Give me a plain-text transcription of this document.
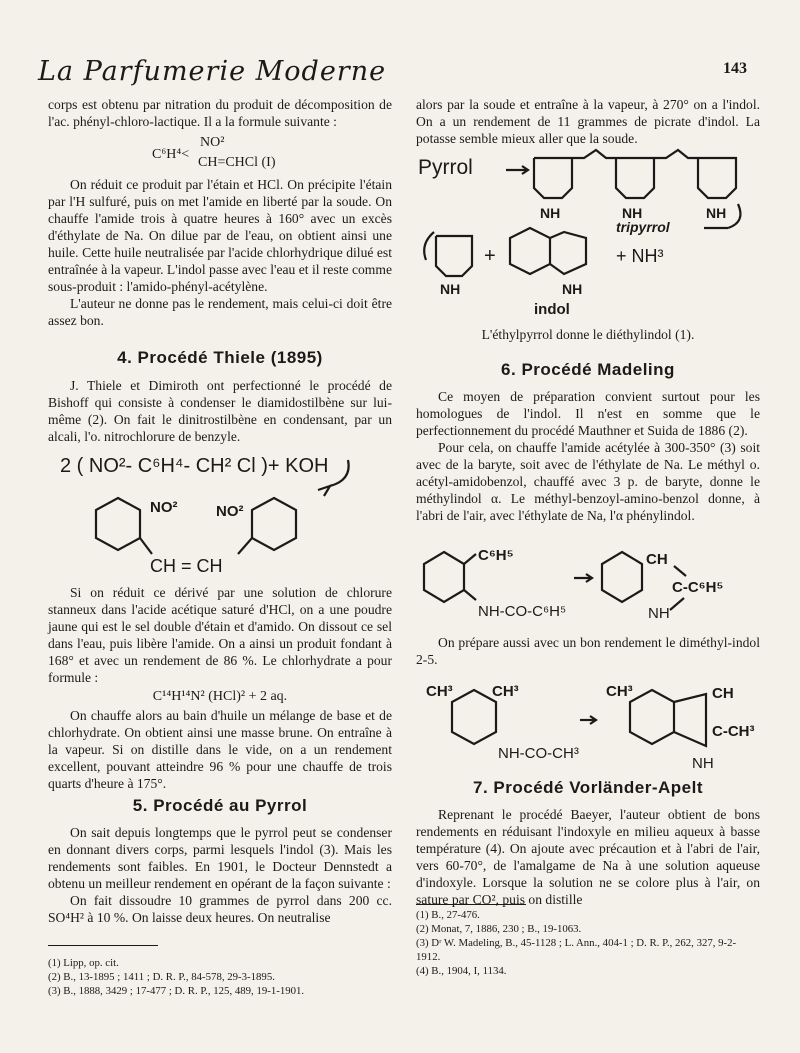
La Parfumerie Moderne	143

corps est obtenu par nitration du produit de décomposition de l'ac. phényl-chloro-lactique. Il a la formule suivante :

C⁶H⁴<
NO²
CH=CHCl (I)

On réduit ce produit par l'étain et HCl. On précipite l'étain par l'H sulfuré, puis on met l'amide en liberté par la soude. On chauffe l'amide trois à quatre heures à 160° avec un excès d'éthylate de Na. On dilue par de l'eau, on obtient ainsi une huile. Cette huile neutralisée par l'acide chlorhydrique dilué est entraînée à la vapeur. L'indol passe avec l'eau et il reste comme sous-produit : l'amido-phényl-acétylène.

L'auteur ne donne pas le rendement, mais celui-ci doit être assez bon.

4. Procédé Thiele (1895)

J. Thiele et Dimiroth ont perfectionné le procédé de Bishoff qui consiste à condenser le diamidostilbène sur lui-même (2). On fait le dinitrostilbène en condensant, par un alcali, l'o. nitrochlorure de benzyle.

2 ( NO²- C⁶H⁴- CH² Cl )+ KOH
NO²	NO²
CH = CH

Si on réduit ce dérivé par une solution de chlorure stanneux dans l'acide acétique saturé d'HCl, on a une poudre jaune qui est le sel double d'étain et d'amido. On dissout ce sel dans l'eau, puis libère l'amide. On a ainsi un produit fondant à 168° et avec un rendement de 86 %. Le chlorhydrate a pour formule :

C¹⁴H¹⁴N² (HCl)² + 2 aq.

On chauffe alors au bain d'huile un mélange de base et de chlorhydrate. On obtient ainsi une masse brune. On entraîne à la vapeur. Si on distille dans le vide, on a un rendement excellent, pouvant atteindre 96 % pour une chauffe de trois quarts d'heure à 175°.

5. Procédé au Pyrrol

On sait depuis longtemps que le pyrrol peut se condenser en donnant divers corps, parmi lesquels l'indol (3). Mais les rendements sont faibles. En 1901, le Docteur Dennstedt a obtenu un meilleur rendement en opérant de la façon suivante :

On fait dissoudre 10 grammes de pyrrol dans 200 cc. SO⁴H² à 10 %. On laisse deux heures. On neutralise

(1) Lipp, op. cit.
(2) B., 13-1895 ; 1411 ; D. R. P., 84-578, 29-3-1895.
(3) B., 1888, 3429 ; 17-477 ; D. R. P., 125, 489, 19-1-1901.

alors par la soude et entraîne à la vapeur, à 270° on a l'indol. On a un rendement de 11 grammes de picrate d'indol. La potasse semble mieux aller que la soude.

Pyrrol
NH	NH	NH
tripyrrol
+	+ NH³
NH	NH
indol
L'éthylpyrrol donne le diéthylindol (1).
6. Procédé Madeling

Ce moyen de préparation convient surtout pour les homologues de l'indol. Il n'est en somme que le perfectionnement du procédé Mauthner et Suida de 1886 (2).

Pour cela, on chauffe l'amide acétylée à 300-350° (3) soit avec de la baryte, soit avec de l'éthylate de Na. Le méthyl o. acétyl-amidobenzol, chauffé avec 3 p. de baryte, donne le méthylindol α. Le méthyl-benzoyl-amino-benzol donne, à l'abri de l'air, avec l'éthylate de Na, l'α phénylindol.

C⁶H⁵
NH-CO-C⁶H⁵
CH
C-C⁶H⁵
NH

On prépare aussi avec un bon rendement le diméthyl-indol 2-5.

CH³	CH³
NH-CO-CH³
CH³	CH
C-CH³
NH
7. Procédé Vorländer-Apelt

Reprenant le procédé Baeyer, l'auteur obtient de bons rendements en réduisant l'indoxyle en milieu aqueux à basse température (4). On ajoute avec précaution et à l'abri de l'air, vers 60-70°, de l'amalgame de Na à une solution aqueuse d'indoxyle. Lorsque la solution ne se colore plus à l'air, on sature par CO², puis on distille

(1) B., 27-476.
(2) Monat, 7, 1886, 230 ; B., 19-1063.
(3) Dʳ W. Madeling, B., 45-1128 ; L. Ann., 404-1 ; D. R. P., 262, 327, 9-2-1912.
(4) B., 1904, I, 1134.
